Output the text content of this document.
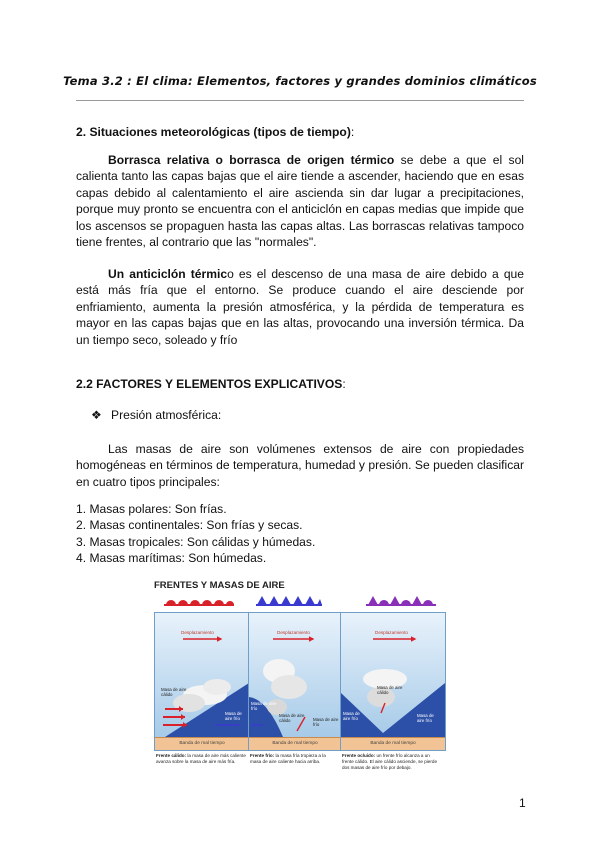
Tema 3.2 : El clima: Elementos, factores y grandes dominios climáticos

2. Situaciones meteorológicas (tipos de tiempo):

Borrasca relativa o borrasca de origen térmico se debe a que el sol calienta tanto las capas bajas que el aire tiende a ascender, haciendo que en esas capas debido al calentamiento el aire ascienda sin dar lugar a precipitaciones, porque muy pronto se encuentra con el anticiclón en capas medias que impide que los ascensos se propaguen hasta las capas altas. Las borrascas relativas tampoco tiene frentes, al contrario que las "normales".

Un anticiclón térmico es el descenso de una masa de aire debido a que está más fría que el entorno. Se produce cuando el aire desciende por enfriamiento, aumenta la presión atmosférica, y la pérdida de temperatura es mayor en las capas bajas que en las altas, provocando una inversión térmica. Da un tiempo seco, soleado y frío

2.2 FACTORES Y ELEMENTOS EXPLICATIVOS:

❖ Presión atmosférica:

Las masas de aire son volúmenes extensos de aire con propiedades homogéneas en términos de temperatura, humedad y presión. Se pueden clasificar en cuatro tipos principales:

1. Masas polares: Son frías.
2. Masas continentales: Son frías y secas.
3. Masas tropicales: Son cálidas y húmedas.
4. Masas marítimas: Son húmedas.
FRENTES Y MASAS DE AIRE
Desplazamiento
Masa de aire cálido
Masa de aire frío
Banda de mal tiempo
Desplazamiento
Masa de aire frío
Masa de aire cálido	Masa de aire frío
Banda de mal tiempo
Desplazamiento
Masa de aire cálido
Masa de aire frío
Masa de aire frío
Banda de mal tiempo
Frente cálido: la masa de aire más caliente avanza sobre la masa de aire más fría.
Frente frío: la masa fría tropieza a la masa de aire caliente hacia arriba.
Frente ocluido: un frente frío alcanza a un frente cálido. El aire cálido asciende, se pierde dos masas de aire frío por debajo.
1
